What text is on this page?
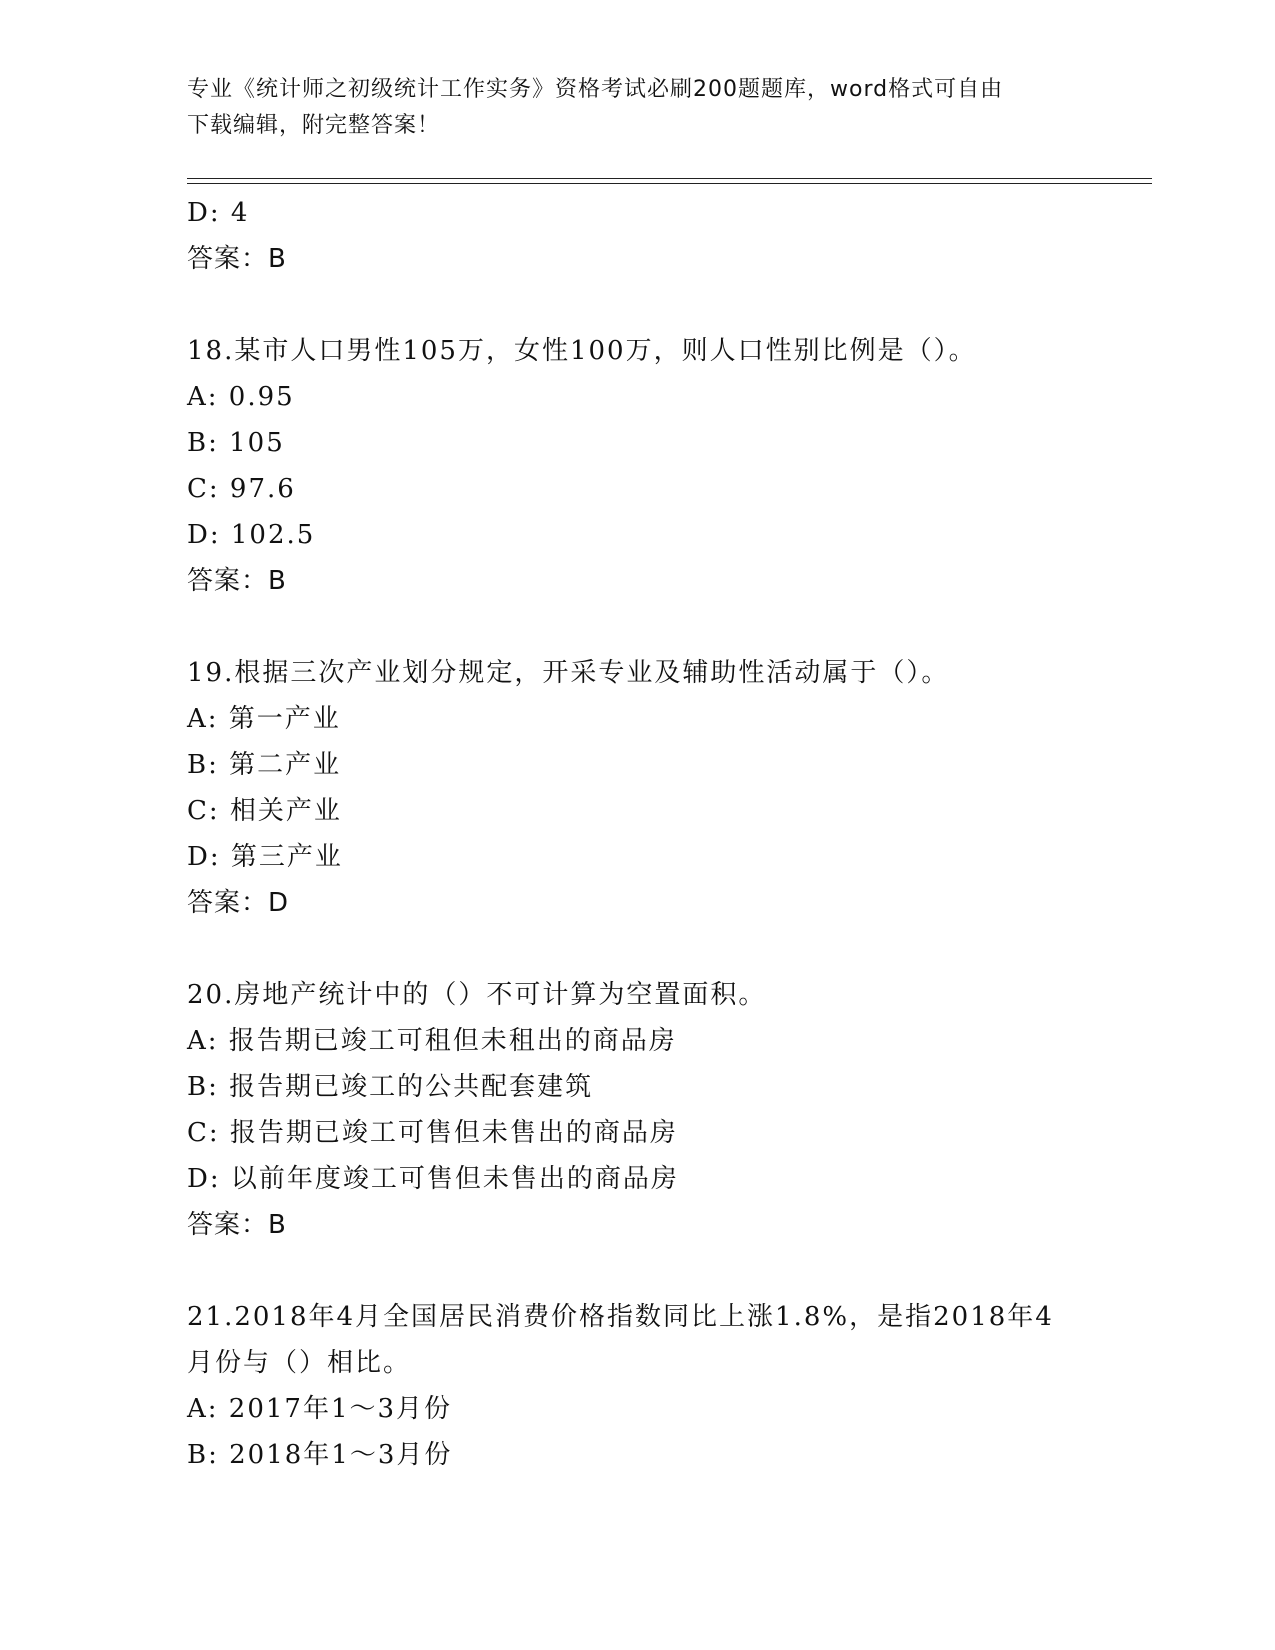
专业《统计师之初级统计工作实务》资格考试必刷200题题库，word格式可自由
下载编辑，附完整答案！
D: 4
答案：B
18.某市人口男性105万，女性100万，则人口性别比例是（）。
A: 0.95
B: 105
C: 97.6
D: 102.5
答案：B
19.根据三次产业划分规定，开采专业及辅助性活动属于（）。
A: 第一产业
B: 第二产业
C: 相关产业
D: 第三产业
答案：D
20.房地产统计中的（）不可计算为空置面积。
A: 报告期已竣工可租但未租出的商品房
B: 报告期已竣工的公共配套建筑
C: 报告期已竣工可售但未售出的商品房
D: 以前年度竣工可售但未售出的商品房
答案：B
21.2018年4月全国居民消费价格指数同比上涨1.8%，是指2018年4
月份与（）相比。
A: 2017年1～3月份
B: 2018年1～3月份
